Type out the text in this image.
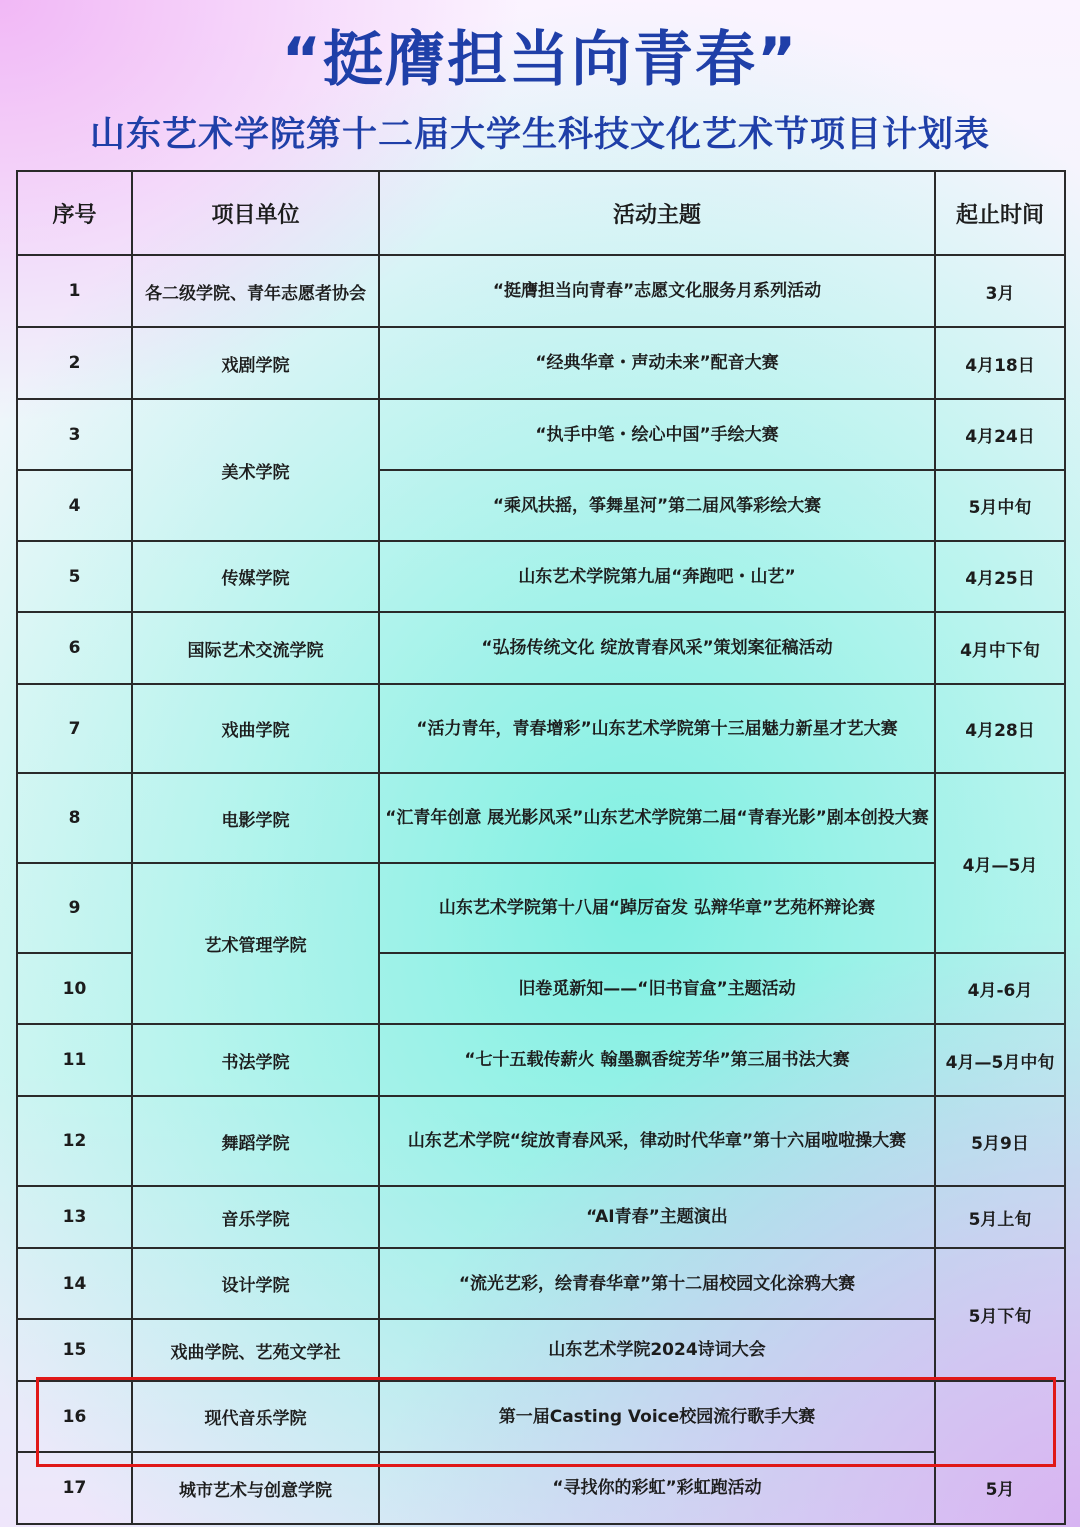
“挺膺担当向青春”
山东艺术学院第十二届大学生科技文化艺术节项目计划表
序号	项目单位	活动主题	起止时间
1	各二级学院、青年志愿者协会	“挺膺担当向青春”志愿文化服务月系列活动	3月
2	戏剧学院	“经典华章・声动未来”配音大赛	4月18日
3	美术学院	“执手中笔・绘心中国”手绘大赛	4月24日
4		“乘风扶摇，筝舞星河”第二届风筝彩绘大赛	5月中旬
5	传媒学院	山东艺术学院第九届“奔跑吧・山艺”	4月25日
6	国际艺术交流学院	“弘扬传统文化 绽放青春风采”策划案征稿活动	4月中下旬
7	戏曲学院	“活力青年，青春增彩”山东艺术学院第十三届魅力新星才艺大赛	4月28日
8	电影学院	“汇青年创意 展光影风采”山东艺术学院第二届“青春光影”剧本创投大赛	4月—5月
9	艺术管理学院	山东艺术学院第十八届“踔厉奋发 弘辩华章”艺苑杯辩论赛	
10		旧卷觅新知——“旧书盲盒”主题活动	4月-6月
11	书法学院	“七十五载传薪火 翰墨飘香绽芳华”第三届书法大赛	4月—5月中旬
12	舞蹈学院	山东艺术学院“绽放青春风采，律动时代华章”第十六届啦啦操大赛	5月9日
13	音乐学院	“AI青春”主题演出	5月上旬
14	设计学院	“流光艺彩，绘青春华章”第十二届校园文化涂鸦大赛	5月下旬
15	戏曲学院、艺苑文学社	山东艺术学院2024诗词大会	
16	现代音乐学院	第一届Casting Voice校园流行歌手大赛	5月
17	城市艺术与创意学院	“寻找你的彩虹”彩虹跑活动	
